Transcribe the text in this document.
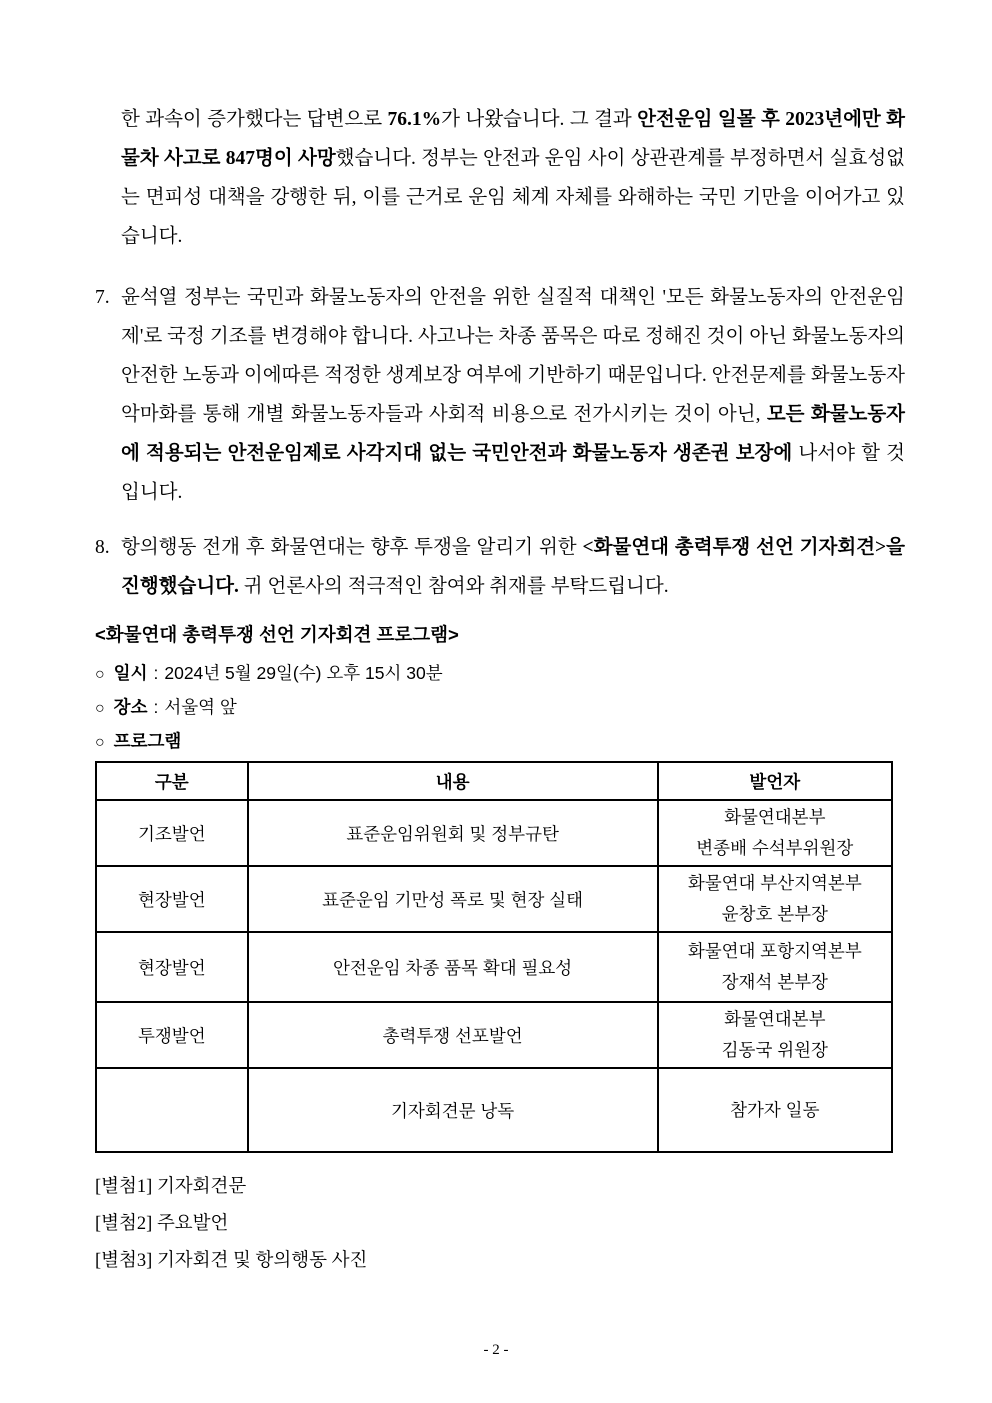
한 과속이 증가했다는 답변으로 76.1%가 나왔습니다. 그 결과 안전운임 일몰 후 2023년에만 화물차 사고로 847명이 사망했습니다. 정부는 안전과 운임 사이 상관관계를 부정하면서 실효성없는 면피성 대책을 강행한 뒤, 이를 근거로 운임 체계 자체를 와해하는 국민 기만을 이어가고 있습니다.

7. 윤석열 정부는 국민과 화물노동자의 안전을 위한 실질적 대책인 '모든 화물노동자의 안전운임제'로 국정 기조를 변경해야 합니다. 사고나는 차종 품목은 따로 정해진 것이 아닌 화물노동자의 안전한 노동과 이에따른 적정한 생계보장 여부에 기반하기 때문입니다. 안전문제를 화물노동자 악마화를 통해 개별 화물노동자들과 사회적 비용으로 전가시키는 것이 아닌, 모든 화물노동자에 적용되는 안전운임제로 사각지대 없는 국민안전과 화물노동자 생존권 보장에 나서야 할 것입니다.

8. 항의행동 전개 후 화물연대는 향후 투쟁을 알리기 위한 <화물연대 총력투쟁 선언 기자회견>을 진행했습니다. 귀 언론사의 적극적인 참여와 취재를 부탁드립니다.

<화물연대 총력투쟁 선언 기자회견 프로그램>
○ 일시 : 2024년 5월 29일(수) 오후 15시 30분
○ 장소 : 서울역 앞
○ 프로그램
구분	내용	발언자
기조발언	표준운임위원회 및 정부규탄	화물연대본부
변종배 수석부위원장

현장발언	표준운임 기만성 폭로 및 현장 실태	화물연대 부산지역본부
윤창호 본부장

현장발언	안전운임 차종 품목 확대 필요성	화물연대 포항지역본부
장재석 본부장

투쟁발언	총력투쟁 선포발언	화물연대본부
김동국 위원장

	기자회견문 낭독	참가자 일동
[별첨1] 기자회견문
[별첨2] 주요발언
[별첨3] 기자회견 및 항의행동 사진
- 2 -
